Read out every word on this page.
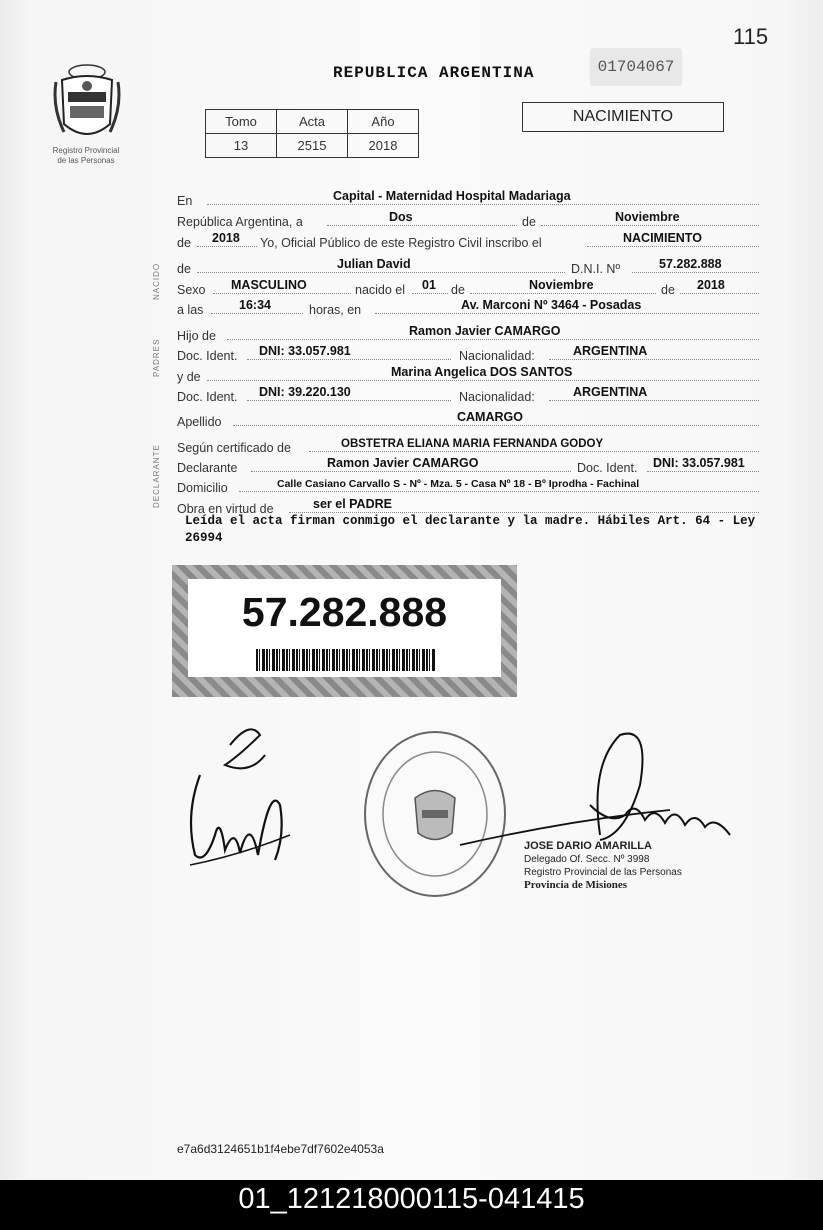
115
Registro Provincial
de las Personas
REPUBLICA ARGENTINA	01704067
Tomo	Acta	Año
13	2515	2018
NACIMIENTO
NACIDO
PADRES
DECLARANTE
En	Capital - Maternidad Hospital Madariaga
República Argentina, a	Dos	de	Noviembre
de 2018 Yo, Oficial Público de este Registro Civil inscribo el	NACIMIENTO
de	Julian David	D.N.I. Nº	57.282.888
Sexo MASCULINO	nacido el 01 de	Noviembre	de 2018
a las	16:34	horas, en	Av. Marconi Nº 3464 - Posadas
Hijo de	Ramon Javier CAMARGO
Doc. Ident. DNI: 33.057.981	Nacionalidad:	ARGENTINA
y de	Marina Angelica DOS SANTOS
Doc. Ident. DNI: 39.220.130	Nacionalidad:	ARGENTINA
Apellido	CAMARGO
Según certificado de	OBSTETRA ELIANA MARIA FERNANDA GODOY
Declarante	Ramon Javier CAMARGO	Doc. Ident. DNI: 33.057.981
Domicilio	Calle Casiano Carvallo S - Nº - Mza. 5 - Casa Nº 18 - Bº Iprodha - Fachinal
Obra en virtud de	ser el PADRE
Leída el acta firman conmigo el declarante y la madre. Hábiles Art. 64 - Ley 26994
57.282.888
JOSE DARIO AMARILLA
Delegado Of. Secc. Nº 3998
Registro Provincial de las Personas
Provincia de Misiones
e7a6d3124651b1f4ebe7df7602e4053a
01_121218000115-041415
